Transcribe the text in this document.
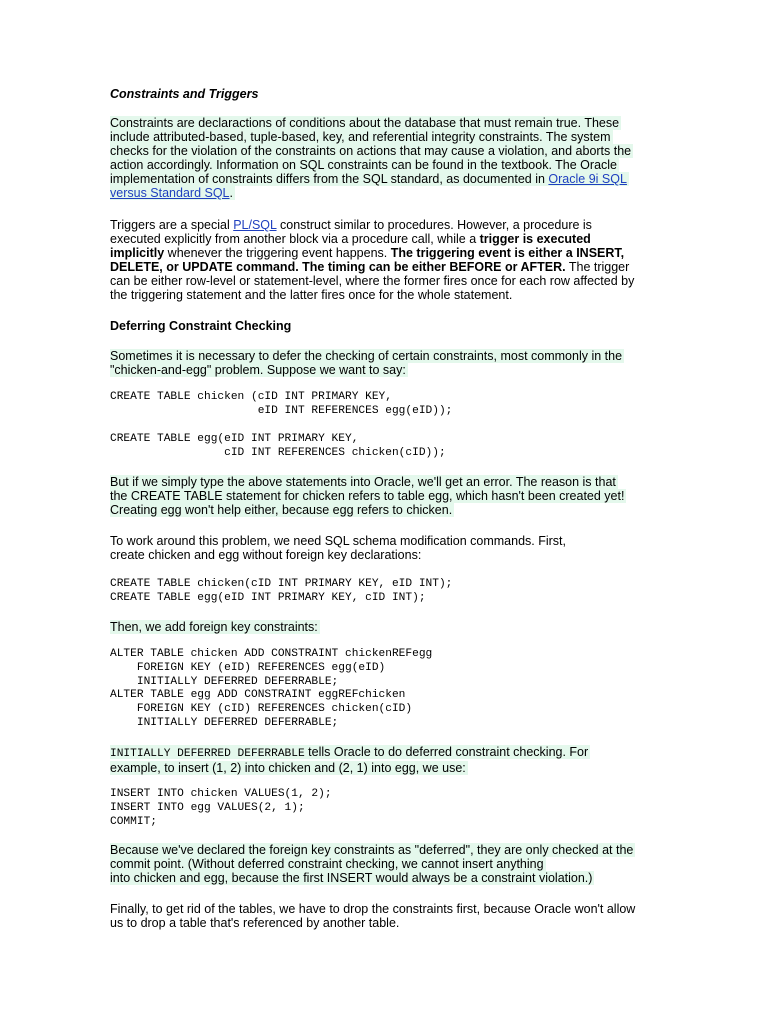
Constraints and Triggers
Constraints are declaractions of conditions about the database that must remain true. These
include attributed-based, tuple-based, key, and referential integrity constraints. The system
checks for the violation of the constraints on actions that may cause a violation, and aborts the
action accordingly. Information on SQL constraints can be found in the textbook. The Oracle
implementation of constraints differs from the SQL standard, as documented in Oracle 9i SQL
versus Standard SQL.
Triggers are a special PL/SQL construct similar to procedures. However, a procedure is
executed explicitly from another block via a procedure call, while a trigger is executed
implicitly whenever the triggering event happens. The triggering event is either a INSERT,
DELETE, or UPDATE command. The timing can be either BEFORE or AFTER. The trigger
can be either row-level or statement-level, where the former fires once for each row affected by
the triggering statement and the latter fires once for the whole statement.
Deferring Constraint Checking
Sometimes it is necessary to defer the checking of certain constraints, most commonly in the
"chicken-and-egg" problem. Suppose we want to say:
CREATE TABLE chicken (cID INT PRIMARY KEY,
eID INT REFERENCES egg(eID));
CREATE TABLE egg(eID INT PRIMARY KEY,
cID INT REFERENCES chicken(cID));
But if we simply type the above statements into Oracle, we'll get an error. The reason is that
the CREATE TABLE statement for chicken refers to table egg, which hasn't been created yet!
Creating egg won't help either, because egg refers to chicken.
To work around this problem, we need SQL schema modification commands. First,
create chicken and egg without foreign key declarations:
CREATE TABLE chicken(cID INT PRIMARY KEY, eID INT);
CREATE TABLE egg(eID INT PRIMARY KEY, cID INT);
Then, we add foreign key constraints:
ALTER TABLE chicken ADD CONSTRAINT chickenREFegg
FOREIGN KEY (eID) REFERENCES egg(eID)
INITIALLY DEFERRED DEFERRABLE;
ALTER TABLE egg ADD CONSTRAINT eggREFchicken
FOREIGN KEY (cID) REFERENCES chicken(cID)
INITIALLY DEFERRED DEFERRABLE;
INITIALLY DEFERRED DEFERRABLE tells Oracle to do deferred constraint checking. For
example, to insert (1, 2) into chicken and (2, 1) into egg, we use:
INSERT INTO chicken VALUES(1, 2);
INSERT INTO egg VALUES(2, 1);
COMMIT;
Because we've declared the foreign key constraints as "deferred", they are only checked at the
commit point. (Without deferred constraint checking, we cannot insert anything
into chicken and egg, because the first INSERT would always be a constraint violation.)
Finally, to get rid of the tables, we have to drop the constraints first, because Oracle won't allow
us to drop a table that's referenced by another table.
